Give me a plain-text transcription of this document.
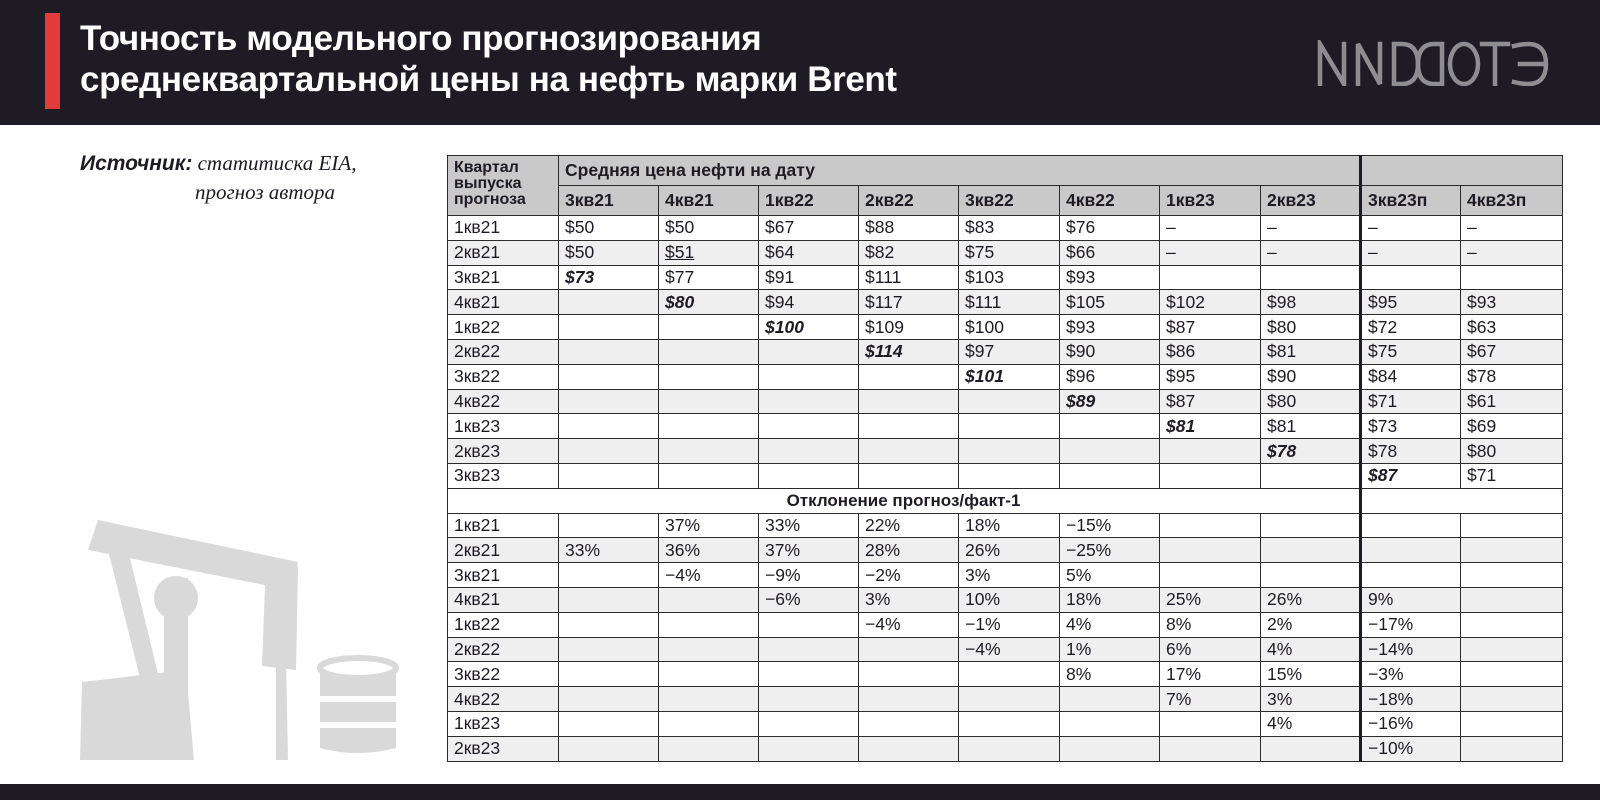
Точность модельного прогнозирования
среднеквартальной цены на нефть марки Brent
Источник: статитиска EIA,
прогноз автора
Квартал выпуска прогноза	Средняя цена нефти на дату									
	3кв21	4кв21	1кв22	2кв22	3кв22	4кв22	1кв23	2кв23	3кв23п	4кв23п
1кв21	$50	$50	$67	$88	$83	$76	–	–	–	–
2кв21	$50	$51	$64	$82	$75	$66	–	–	–	–
3кв21	$73	$77	$91	$111	$103	$93				
4кв21		$80	$94	$117	$111	$105	$102	$98	$95	$93
1кв22			$100	$109	$100	$93	$87	$80	$72	$63
2кв22				$114	$97	$90	$86	$81	$75	$67
3кв22					$101	$96	$95	$90	$84	$78
4кв22						$89	$87	$80	$71	$61
1кв23							$81	$81	$73	$69
2кв23								$78	$78	$80
3кв23									$87	$71
Отклонение прогноз/факт-1										
1кв21		37%	33%	22%	18%	−15%				
2кв21	33%	36%	37%	28%	26%	−25%				
3кв21		−4%	−9%	−2%	3%	5%				
4кв21			−6%	3%	10%	18%	25%	26%	9%	
1кв22				−4%	−1%	4%	8%	2%	−17%	
2кв22					−4%	1%	6%	4%	−14%	
3кв22						8%	17%	15%	−3%	
4кв22							7%	3%	−18%	
1кв23								4%	−16%	
2кв23									−10%	
